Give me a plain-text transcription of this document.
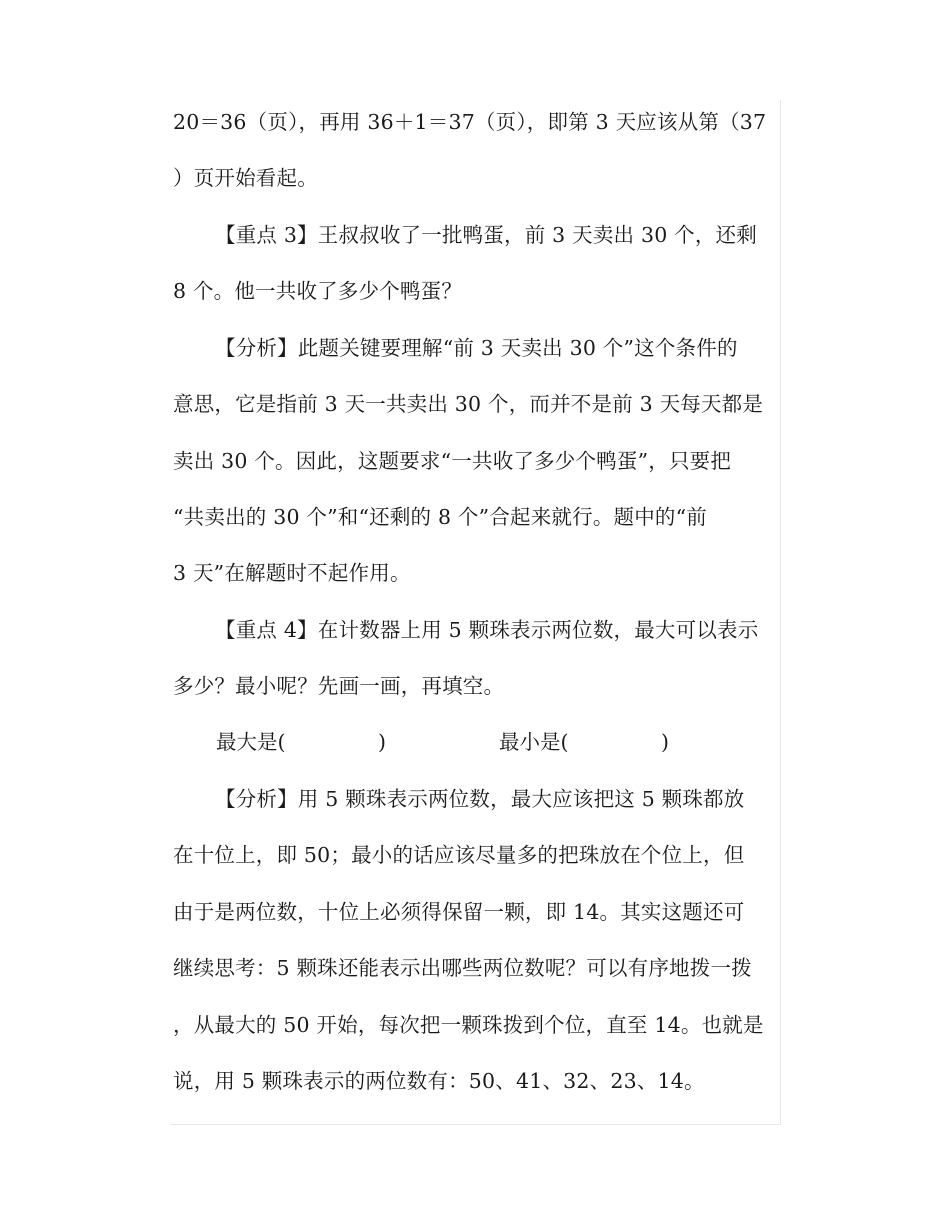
20＝36（页），再用 36＋1＝37（页），即第 3 天应该从第（37
）页开始看起。
【重点 3】王叔叔收了一批鸭蛋，前 3 天卖出 30 个，还剩
8 个。他一共收了多少个鸭蛋？
【分析】此题关键要理解“前 3 天卖出 30 个”这个条件的
意思，它是指前 3 天一共卖出 30 个，而并不是前 3 天每天都是
卖出 30 个。因此，这题要求“一共收了多少个鸭蛋”，只要把
“共卖出的 30 个”和“还剩的 8 个”合起来就行。题中的“前
3 天”在解题时不起作用。
【重点 4】在计数器上用 5 颗珠表示两位数，最大可以表示
多少？最小呢？先画一画，再填空。
最大是(	)	最小是(	)
【分析】用 5 颗珠表示两位数，最大应该把这 5 颗珠都放
在十位上，即 50；最小的话应该尽量多的把珠放在个位上，但
由于是两位数，十位上必须得保留一颗，即 14。其实这题还可
继续思考：5 颗珠还能表示出哪些两位数呢？可以有序地拨一拨
，从最大的 50 开始，每次把一颗珠拨到个位，直至 14。也就是
说，用 5 颗珠表示的两位数有：50、41、32、23、14。
